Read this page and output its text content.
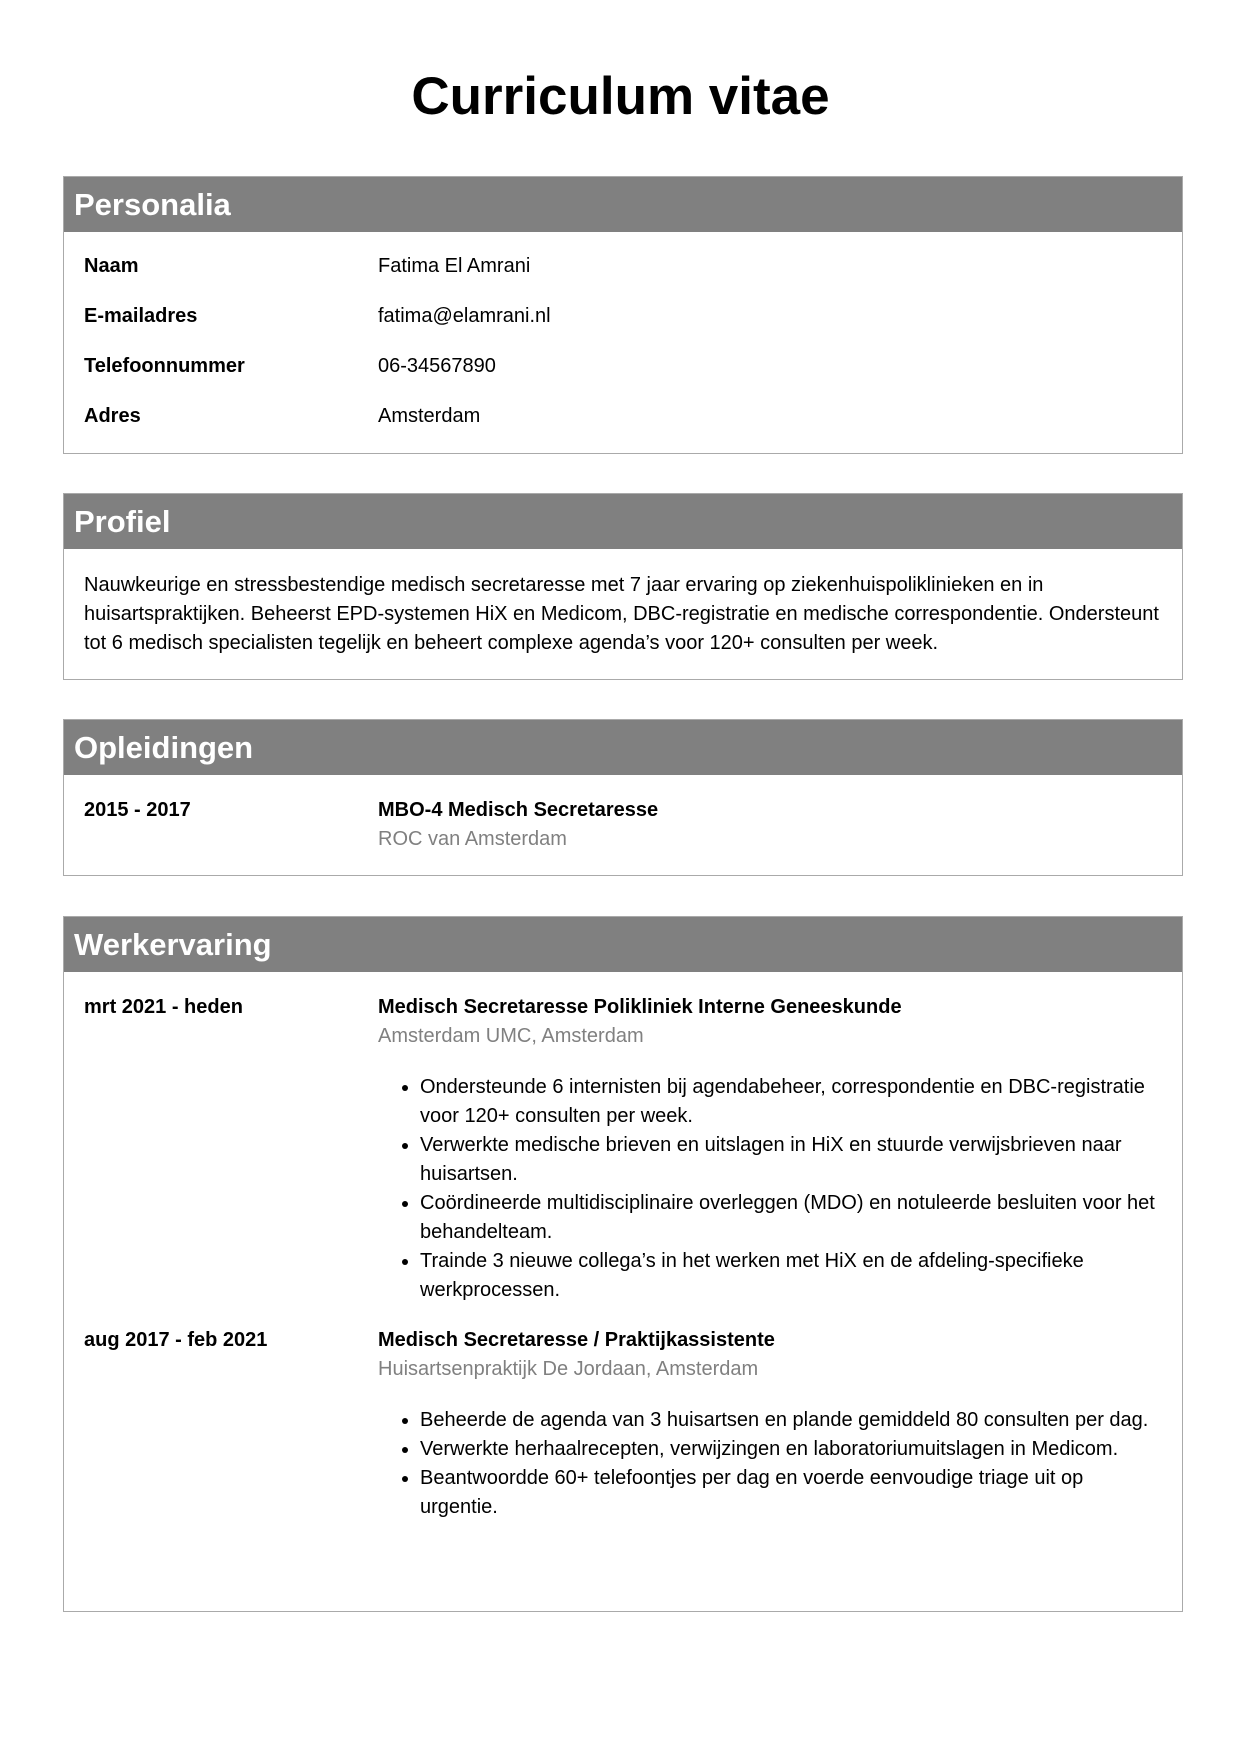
Curriculum vitae
Personalia
Naam	Fatima El Amrani
E-mailadres	fatima@elamrani.nl
Telefoonnummer	06-34567890
Adres	Amsterdam
Profiel
Nauwkeurige en stressbestendige medisch secretaresse met 7 jaar ervaring op ziekenhuispoliklinieken en in huisartspraktijken. Beheerst EPD-systemen HiX en Medicom, DBC-registratie en medische correspondentie. Ondersteunt tot 6 medisch specialisten tegelijk en beheert complexe agenda’s voor 120+ consulten per week.
Opleidingen
2015 - 2017	MBO-4 Medisch Secretaresse
ROC van Amsterdam
Werkervaring
mrt 2021 - heden	Medisch Secretaresse Polikliniek Interne Geneeskunde
Amsterdam UMC, Amsterdam
• Ondersteunde 6 internisten bij agendabeheer, correspondentie en DBC-registratie voor 120+ consulten per week.
• Verwerkte medische brieven en uitslagen in HiX en stuurde verwijsbrieven naar huisartsen.
• Coördineerde multidisciplinaire overleggen (MDO) en notuleerde besluiten voor het behandelteam.
• Trainde 3 nieuwe collega’s in het werken met HiX en de afdeling-specifieke werkprocessen.
aug 2017 - feb 2021	Medisch Secretaresse / Praktijkassistente
Huisartsenpraktijk De Jordaan, Amsterdam
• Beheerde de agenda van 3 huisartsen en plande gemiddeld 80 consulten per dag.
• Verwerkte herhaalrecepten, verwijzingen en laboratoriumuitslagen in Medicom.
• Beantwoordde 60+ telefoontjes per dag en voerde eenvoudige triage uit op urgentie.
